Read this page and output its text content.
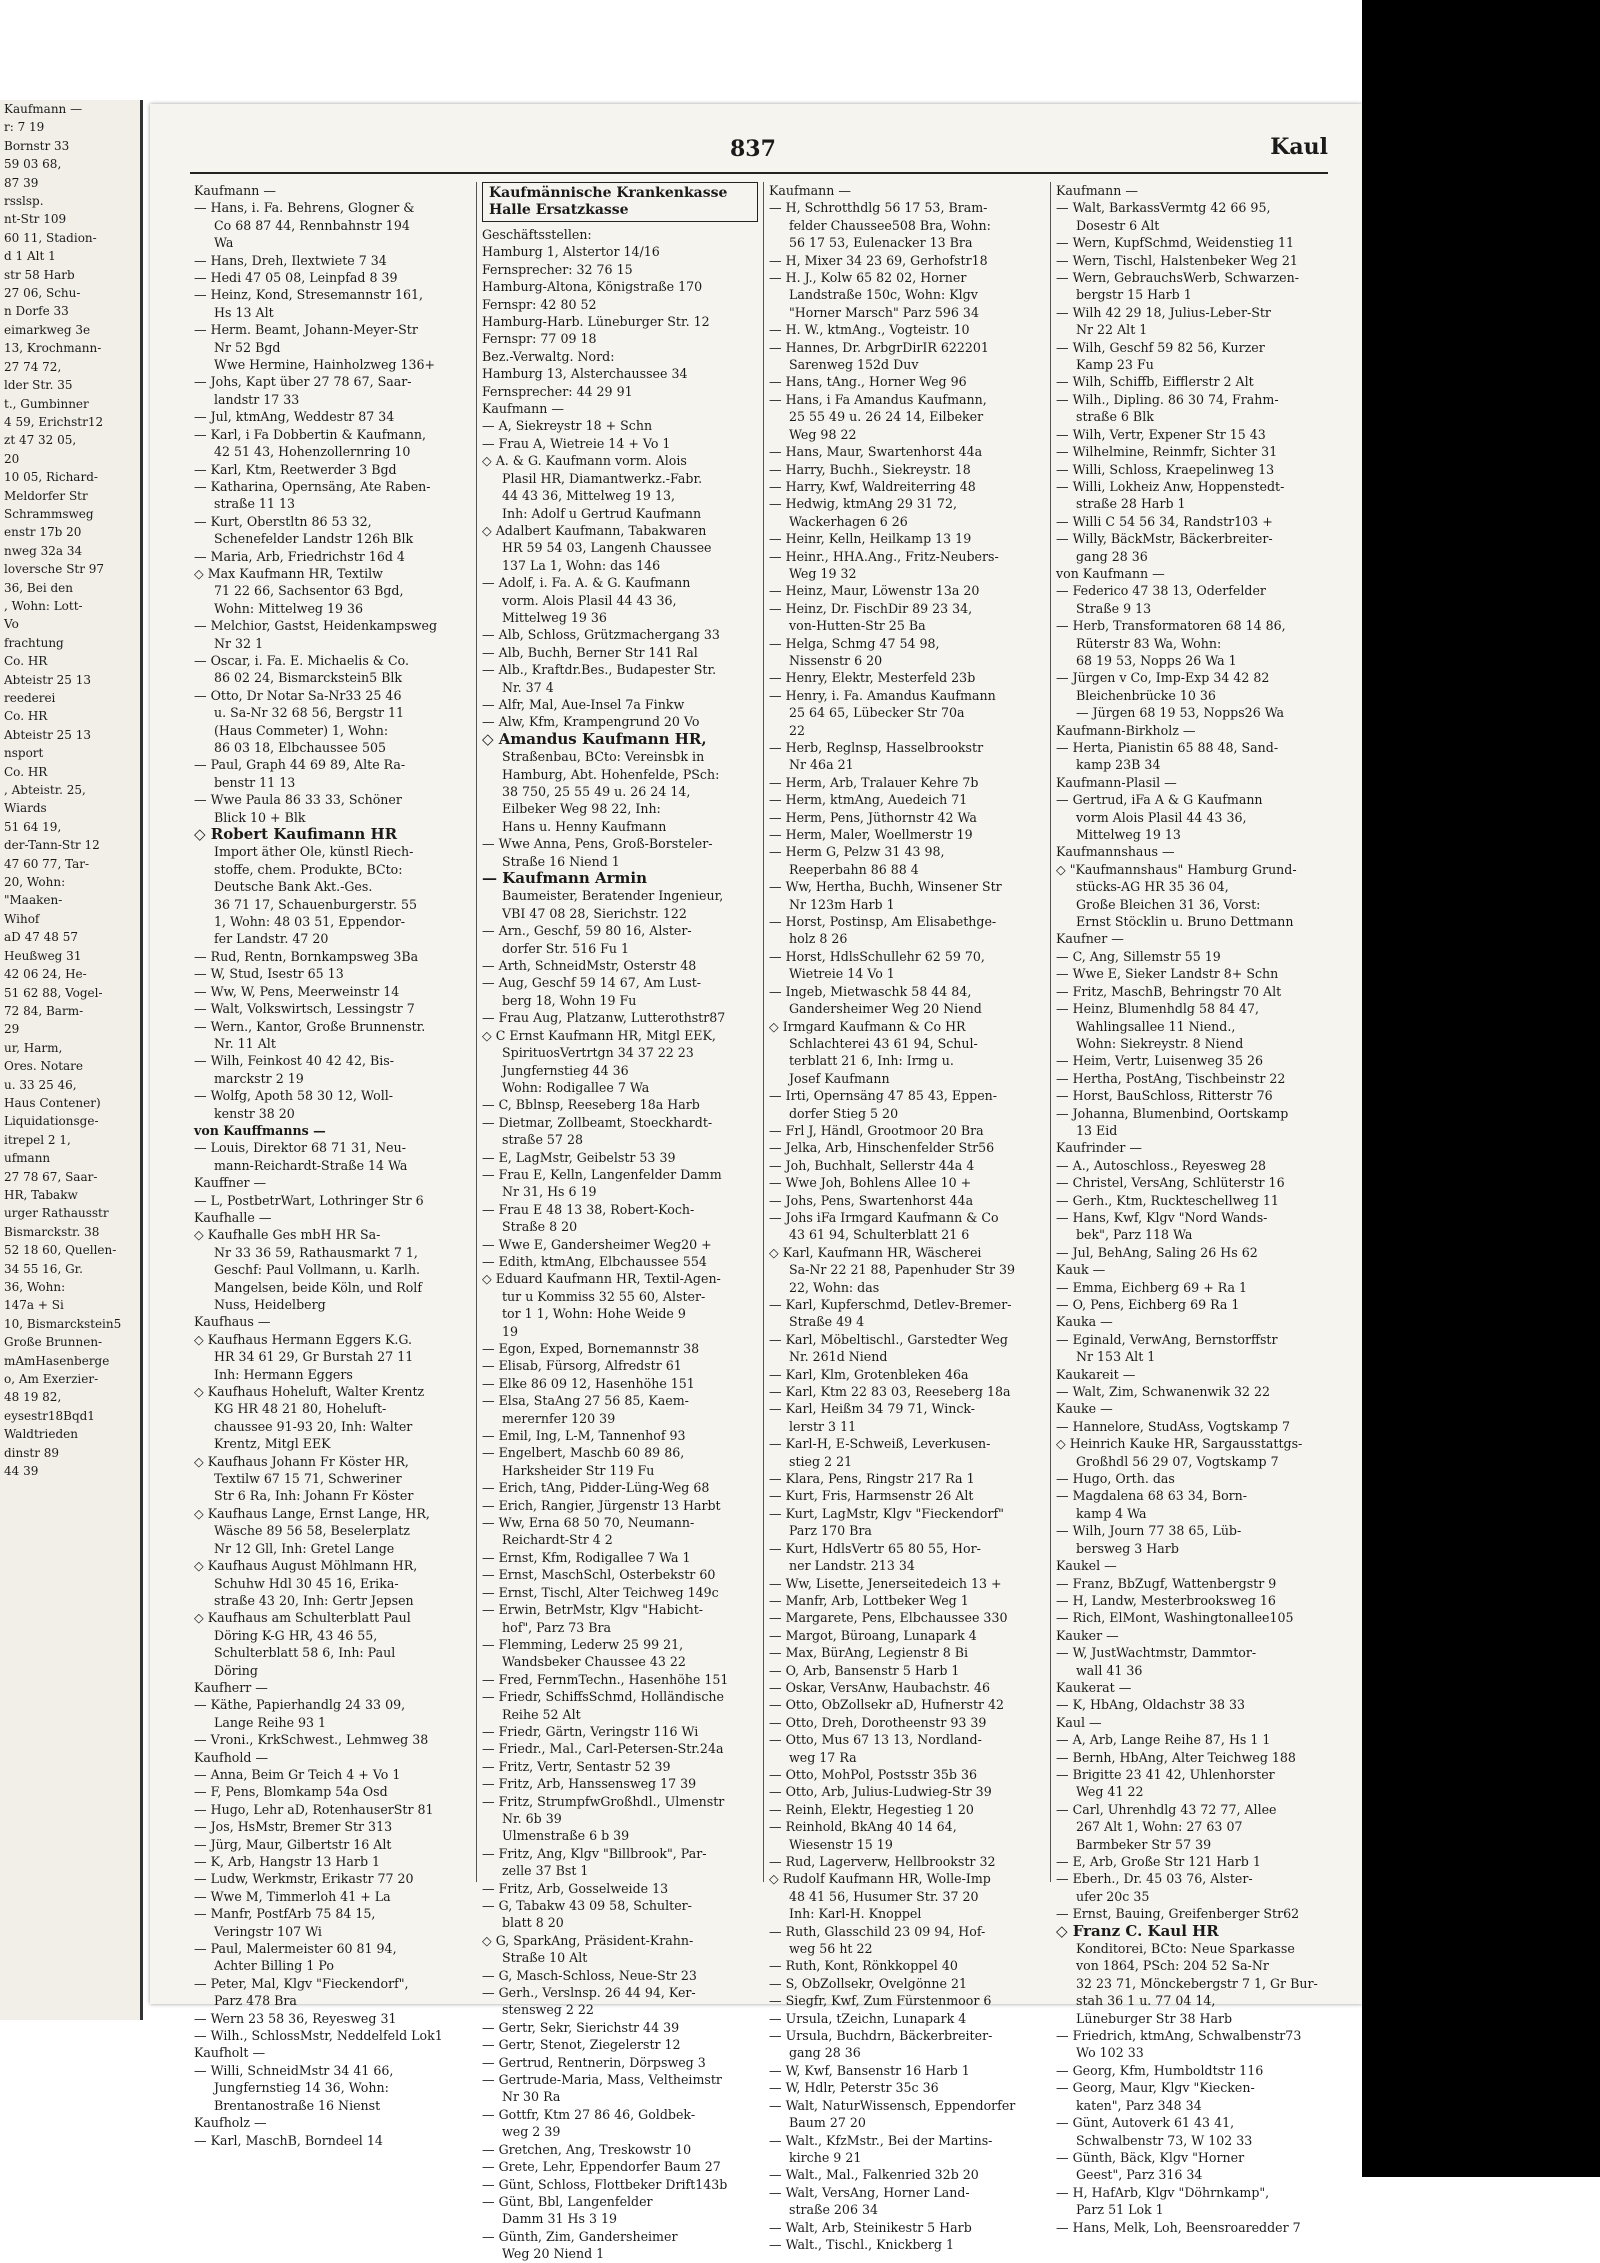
Kaufmann —
r: 7 19
Bornstr 33
59 03 68,
87 39
rsslsp.
nt-Str 109
60 11, Stadion-
d 1 Alt 1
str 58 Harb
27 06, Schu-
n Dorfe 33
eimarkweg 3e
13, Krochmann-
27 74 72,
lder Str. 35
t., Gumbinner
4 59, Erichstr12
zt 47 32 05,
20
10 05, Richard-
Meldorfer Str
Schrammsweg
enstr 17b 20
nweg 32a 34
loversche Str 97
36, Bei den
, Wohn: Lott-
Vo
frachtung
Co. HR
Abteistr 25 13
reederei
Co. HR
Abteistr 25 13
nsport
Co. HR
, Abteistr. 25,
Wiards
51 64 19,
der-Tann-Str 12
47 60 77, Tar-
20, Wohn:
"Maaken-
Wihof
aD 47 48 57
Heußweg 31
42 06 24, He-
51 62 88, Vogel-
72 84, Barm-
29
ur, Harm,
Ores. Notare
u. 33 25 46,
Haus Contener)
Liquidationsge-
itrepel 2 1,
ufmann
27 78 67, Saar-
HR, Tabakw
urger Rathausstr
Bismarckstr. 38
52 18 60, Quellen-
34 55 16, Gr.
36, Wohn:
147a + Si
10, Bismarckstein5
Große Brunnen-
mAmHasenberge
o, Am Exerzier-
48 19 82,
eysestr18Bqd1
Waldtrieden
dinstr 89
44 39
837	Kaul
Kaufmann —
— Hans, i. Fa. Behrens, Glogner &
Co 68 87 44, Rennbahnstr 194
Wa
— Hans, Dreh, Ilextwiete 7 34
— Hedi 47 05 08, Leinpfad 8 39
— Heinz, Kond, Stresemannstr 161,
Hs 13 Alt
— Herm. Beamt, Johann-Meyer-Str
Nr 52 Bgd
Wwe Hermine, Hainholzweg 136+
— Johs, Kapt über 27 78 67, Saar-
landstr 17 33
— Jul, ktmAng, Weddestr 87 34
— Karl, i Fa Dobbertin & Kaufmann,
42 51 43, Hohenzollernring 10
— Karl, Ktm, Reetwerder 3 Bgd
— Katharina, Opernsäng, Ate Raben-
straße 11 13
— Kurt, Oberstltn 86 53 32,
Schenefelder Landstr 126h Blk
— Maria, Arb, Friedrichstr 16d 4
◇ Max Kaufmann HR, Textilw
71 22 66, Sachsentor 63 Bgd,
Wohn: Mittelweg 19 36
— Melchior, Gastst, Heidenkampsweg
Nr 32 1
— Oscar, i. Fa. E. Michaelis & Co.
86 02 24, Bismarckstein5 Blk
— Otto, Dr Notar Sa-Nr33 25 46
u. Sa-Nr 32 68 56, Bergstr 11
(Haus Commeter) 1, Wohn:
86 03 18, Elbchaussee 505
— Paul, Graph 44 69 89, Alte Ra-
benstr 11 13
— Wwe Paula 86 33 33, Schöner
Blick 10 + Blk
◇ Robert Kaufimann HR
Import äther Ole, künstl Riech-
stoffe, chem. Produkte, BCto:
Deutsche Bank Akt.-Ges.
36 71 17, Schauenburgerstr. 55
1, Wohn: 48 03 51, Eppendor-
fer Landstr. 47 20
— Rud, Rentn, Bornkampsweg 3Ba
— W, Stud, Isestr 65 13
— Ww, W, Pens, Meerweinstr 14
— Walt, Volkswirtsch, Lessingstr 7
— Wern., Kantor, Große Brunnenstr.
Nr. 11 Alt
— Wilh, Feinkost 40 42 42, Bis-
marckstr 2 19
— Wolfg, Apoth 58 30 12, Woll-
kenstr 38 20
von Kauffmanns —
— Louis, Direktor 68 71 31, Neu-
mann-Reichardt-Straße 14 Wa
Kauffner —
— L, PostbetrWart, Lothringer Str 6
Kaufhalle —
◇ Kaufhalle Ges mbH HR Sa-
Nr 33 36 59, Rathausmarkt 7 1,
Geschf: Paul Vollmann, u. Karlh.
Mangelsen, beide Köln, und Rolf
Nuss, Heidelberg
Kaufhaus —
◇ Kaufhaus Hermann Eggers K.G.
HR 34 61 29, Gr Burstah 27 11
Inh: Hermann Eggers
◇ Kaufhaus Hoheluft, Walter Krentz
KG HR 48 21 80, Hoheluft-
chaussee 91-93 20, Inh: Walter
Krentz, Mitgl EEK
◇ Kaufhaus Johann Fr Köster HR,
Textilw 67 15 71, Schweriner
Str 6 Ra, Inh: Johann Fr Köster
◇ Kaufhaus Lange, Ernst Lange, HR,
Wäsche 89 56 58, Beselerplatz
Nr 12 Gll, Inh: Gretel Lange
◇ Kaufhaus August Möhlmann HR,
Schuhw Hdl 30 45 16, Erika-
straße 43 20, Inh: Gertr Jepsen
◇ Kaufhaus am Schulterblatt Paul
Döring K-G HR, 43 46 55,
Schulterblatt 58 6, Inh: Paul
Döring
Kaufherr —
— Käthe, Papierhandlg 24 33 09,
Lange Reihe 93 1
— Vroni., KrkSchwest., Lehmweg 38
Kaufhold —
— Anna, Beim Gr Teich 4 + Vo 1
— F, Pens, Blomkamp 54a Osd
— Hugo, Lehr aD, RotenhauserStr 81
— Jos, HsMstr, Bremer Str 313
— Jürg, Maur, Gilbertstr 16 Alt
— K, Arb, Hangstr 13 Harb 1
— Ludw, Werkmstr, Erikastr 77 20
— Wwe M, Timmerloh 41 + La
— Manfr, PostfArb 75 84 15,
Veringstr 107 Wi
— Paul, Malermeister 60 81 94,
Achter Billing 1 Po
— Peter, Mal, Klgv "Fieckendorf",
Parz 478 Bra
— Wern 23 58 36, Reyesweg 31
— Wilh., SchlossMstr, Neddelfeld Lok1
Kaufholt —
— Willi, SchneidMstr 34 41 66,
Jungfernstieg 14 36, Wohn:
Brentanostraße 16 Nienst
Kaufholz —
— Karl, MaschB, Borndeel 14
Kaufmännische Krankenkasse
Halle Ersatzkasse
Geschäftsstellen:
Hamburg 1, Alstertor 14/16
Fernsprecher: 32 76 15
Hamburg-Altona, Königstraße 170
Fernspr: 42 80 52
Hamburg-Harb. Lüneburger Str. 12
Fernspr: 77 09 18
Bez.-Verwaltg. Nord:
Hamburg 13, Alsterchaussee 34
Fernsprecher: 44 29 91
Kaufmann —
— A, Siekreystr 18 + Schn
— Frau A, Wietreie 14 + Vo 1
◇ A. & G. Kaufmann vorm. Alois
Plasil HR, Diamantwerkz.-Fabr.
44 43 36, Mittelweg 19 13,
Inh: Adolf u Gertrud Kaufmann
◇ Adalbert Kaufmann, Tabakwaren
HR 59 54 03, Langenh Chaussee
137 La 1, Wohn: das 146
— Adolf, i. Fa. A. & G. Kaufmann
vorm. Alois Plasil 44 43 36,
Mittelweg 19 36
— Alb, Schloss, Grützmachergang 33
— Alb, Buchh, Berner Str 141 Ral
— Alb., Kraftdr.Bes., Budapester Str.
Nr. 37 4
— Alfr, Mal, Aue-Insel 7a Finkw
— Alw, Kfm, Krampengrund 20 Vo
◇ Amandus Kaufmann HR,
Straßenbau, BCto: Vereinsbk in
Hamburg, Abt. Hohenfelde, PSch:
38 750, 25 55 49 u. 26 24 14,
Eilbeker Weg 98 22, Inh:
Hans u. Henny Kaufmann
— Wwe Anna, Pens, Groß-Borsteler-
Straße 16 Niend 1
— Kaufmann Armin
Baumeister, Beratender Ingenieur,
VBI 47 08 28, Sierichstr. 122
— Arn., Geschf, 59 80 16, Alster-
dorfer Str. 516 Fu 1
— Arth, SchneidMstr, Osterstr 48
— Aug, Geschf 59 14 67, Am Lust-
berg 18, Wohn 19 Fu
— Frau Aug, Platzanw, Lutterothstr87
◇ C Ernst Kaufmann HR, Mitgl EEK,
SpirituosVertrtgn 34 37 22 23
Jungfernstieg 44 36
Wohn: Rodigallee 7 Wa
— C, Bblnsp, Reeseberg 18a Harb
— Dietmar, Zollbeamt, Stoeckhardt-
straße 57 28
— E, LagMstr, Geibelstr 53 39
— Frau E, Kelln, Langenfelder Damm
Nr 31, Hs 6 19
— Frau E 48 13 38, Robert-Koch-
Straße 8 20
— Wwe E, Gandersheimer Weg20 +
— Edith, ktmAng, Elbchaussee 554
◇ Eduard Kaufmann HR, Textil-Agen-
tur u Kommiss 32 55 60, Alster-
tor 1 1, Wohn: Hohe Weide 9
19
— Egon, Exped, Bornemannstr 38
— Elisab, Fürsorg, Alfredstr 61
— Elke 86 09 12, Hasenhöhe 151
— Elsa, StaAng 27 56 85, Kaem-
merernfer 120 39
— Emil, Ing, L-M, Tannenhof 93
— Engelbert, Maschb 60 89 86,
Harksheider Str 119 Fu
— Erich, tAng, Pidder-Lüng-Weg 68
— Erich, Rangier, Jürgenstr 13 Harbt
— Ww, Erna 68 50 70, Neumann-
Reichardt-Str 4 2
— Ernst, Kfm, Rodigallee 7 Wa 1
— Ernst, MaschSchl, Osterbekstr 60
— Ernst, Tischl, Alter Teichweg 149c
— Erwin, BetrMstr, Klgv "Habicht-
hof", Parz 73 Bra
— Flemming, Lederw 25 99 21,
Wandsbeker Chaussee 43 22
— Fred, FernmTechn., Hasenhöhe 151
— Friedr, SchiffsSchmd, Holländische
Reihe 52 Alt
— Friedr, Gärtn, Veringstr 116 Wi
— Friedr., Mal., Carl-Petersen-Str.24a
— Fritz, Vertr, Sentastr 52 39
— Fritz, Arb, Hanssensweg 17 39
— Fritz, StrumpfwGroßhdl., Ulmenstr
Nr. 6b 39
Ulmenstraße 6 b 39
— Fritz, Ang, Klgv "Billbrook", Par-
zelle 37 Bst 1
— Fritz, Arb, Gosselweide 13
— G, Tabakw 43 09 58, Schulter-
blatt 8 20
◇ G, SparkAng, Präsident-Krahn-
Straße 10 Alt
— G, Masch-Schloss, Neue-Str 23
— Gerh., Verslnsp. 26 44 94, Ker-
stensweg 2 22
— Gertr, Sekr, Sierichstr 44 39
— Gertr, Stenot, Ziegelerstr 12
— Gertrud, Rentnerin, Dörpsweg 3
— Gertrude-Maria, Mass, Veltheimstr
Nr 30 Ra
— Gottfr, Ktm 27 86 46, Goldbek-
weg 2 39
— Gretchen, Ang, Treskowstr 10
— Grete, Lehr, Eppendorfer Baum 27
— Günt, Schloss, Flottbeker Drift143b
— Günt, Bbl, Langenfelder
Damm 31 Hs 3 19
— Günth, Zim, Gandersheimer
Weg 20 Niend 1
Kaufmann —
— H, Schrotthdlg 56 17 53, Bram-
felder Chaussee508 Bra, Wohn:
56 17 53, Eulenacker 13 Bra
— H, Mixer 34 23 69, Gerhofstr18
— H. J., Kolw 65 82 02, Horner
Landstraße 150c, Wohn: Klgv
"Horner Marsch" Parz 596 34
— H. W., ktmAng., Vogteistr. 10
— Hannes, Dr. ArbgrDirIR 622201
Sarenweg 152d Duv
— Hans, tAng., Horner Weg 96
— Hans, i Fa Amandus Kaufmann,
25 55 49 u. 26 24 14, Eilbeker
Weg 98 22
— Hans, Maur, Swartenhorst 44a
— Harry, Buchh., Siekreystr. 18
— Harry, Kwf, Waldreiterring 48
— Hedwig, ktmAng 29 31 72,
Wackerhagen 6 26
— Heinr, Kelln, Heilkamp 13 19
— Heinr., HHA.Ang., Fritz-Neubers-
Weg 19 32
— Heinz, Maur, Löwenstr 13a 20
— Heinz, Dr. FischDir 89 23 34,
von-Hutten-Str 25 Ba
— Helga, Schmg 47 54 98,
Nissenstr 6 20
— Henry, Elektr, Mesterfeld 23b
— Henry, i. Fa. Amandus Kaufmann
25 64 65, Lübecker Str 70a
22
— Herb, Reglnsp, Hasselbrookstr
Nr 46a 21
— Herm, Arb, Tralauer Kehre 7b
— Herm, ktmAng, Auedeich 71
— Herm, Pens, Jüthornstr 42 Wa
— Herm, Maler, Woellmerstr 19
— Herm G, Pelzw 31 43 98,
Reeperbahn 86 88 4
— Ww, Hertha, Buchh, Winsener Str
Nr 123m Harb 1
— Horst, Postinsp, Am Elisabethge-
holz 8 26
— Horst, HdlsSchullehr 62 59 70,
Wietreie 14 Vo 1
— Ingeb, Mietwaschk 58 44 84,
Gandersheimer Weg 20 Niend
◇ Irmgard Kaufmann & Co HR
Schlachterei 43 61 94, Schul-
terblatt 21 6, Inh: Irmg u.
Josef Kaufmann
— Irti, Opernsäng 47 85 43, Eppen-
dorfer Stieg 5 20
— Frl J, Händl, Grootmoor 20 Bra
— Jelka, Arb, Hinschenfelder Str56
— Joh, Buchhalt, Sellerstr 44a 4
— Wwe Joh, Bohlens Allee 10 +
— Johs, Pens, Swartenhorst 44a
— Johs iFa Irmgard Kaufmann & Co
43 61 94, Schulterblatt 21 6
◇ Karl, Kaufmann HR, Wäscherei
Sa-Nr 22 21 88, Papenhuder Str 39
22, Wohn: das
— Karl, Kupferschmd, Detlev-Bremer-
Straße 49 4
— Karl, Möbeltischl., Garstedter Weg
Nr. 261d Niend
— Karl, Klm, Grotenbleken 46a
— Karl, Ktm 22 83 03, Reeseberg 18a
— Karl, Heißm 34 79 71, Winck-
lerstr 3 11
— Karl-H, E-Schweiß, Leverkusen-
stieg 2 21
— Klara, Pens, Ringstr 217 Ra 1
— Kurt, Fris, Harmsenstr 26 Alt
— Kurt, LagMstr, Klgv "Fieckendorf"
Parz 170 Bra
— Kurt, HdlsVertr 65 80 55, Hor-
ner Landstr. 213 34
— Ww, Lisette, Jenerseitedeich 13 +
— Manfr, Arb, Lottbeker Weg 1
— Margarete, Pens, Elbchaussee 330
— Margot, Büroang, Lunapark 4
— Max, BürAng, Legienstr 8 Bi
— O, Arb, Bansenstr 5 Harb 1
— Oskar, VersAnw, Haubachstr. 46
— Otto, ObZollsekr aD, Hufnerstr 42
— Otto, Dreh, Dorotheenstr 93 39
— Otto, Mus 67 13 13, Nordland-
weg 17 Ra
— Otto, MohPol, Postsstr 35b 36
— Otto, Arb, Julius-Ludwieg-Str 39
— Reinh, Elektr, Hegestieg 1 20
— Reinhold, BkAng 40 14 64,
Wiesenstr 15 19
— Rud, Lagerverw, Hellbrookstr 32
◇ Rudolf Kaufmann HR, Wolle-Imp
48 41 56, Husumer Str. 37 20
Inh: Karl-H. Knoppel
— Ruth, Glasschild 23 09 94, Hof-
weg 56 ht 22
— Ruth, Kont, Rönkkoppel 40
— S, ObZollsekr, Ovelgönne 21
— Siegfr, Kwf, Zum Fürstenmoor 6
— Ursula, tZeichn, Lunapark 4
— Ursula, Buchdrn, Bäckerbreiter-
gang 28 36
— W, Kwf, Bansenstr 16 Harb 1
— W, Hdlr, Peterstr 35c 36
— Walt, NaturWissensch, Eppendorfer
Baum 27 20
— Walt., KfzMstr., Bei der Martins-
kirche 9 21
— Walt., Mal., Falkenried 32b 20
— Walt, VersAng, Horner Land-
straße 206 34
— Walt, Arb, Steinikestr 5 Harb
— Walt., Tischl., Knickberg 1
Kaufmann —
— Walt, BarkassVermtg 42 66 95,
Dosestr 6 Alt
— Wern, KupfSchmd, Weidenstieg 11
— Wern, Tischl, Halstenbeker Weg 21
— Wern, GebrauchsWerb, Schwarzen-
bergstr 15 Harb 1
— Wilh 42 29 18, Julius-Leber-Str
Nr 22 Alt 1
— Wilh, Geschf 59 82 56, Kurzer
Kamp 23 Fu
— Wilh, Schiffb, Eifflerstr 2 Alt
— Wilh., Dipling. 86 30 74, Frahm-
straße 6 Blk
— Wilh, Vertr, Expener Str 15 43
— Wilhelmine, Reinmfr, Sichter 31
— Willi, Schloss, Kraepelinweg 13
— Willi, Lokheiz Anw, Hoppenstedt-
straße 28 Harb 1
— Willi C 54 56 34, Randstr103 +
— Willy, BäckMstr, Bäckerbreiter-
gang 28 36
von Kaufmann —
— Federico 47 38 13, Oderfelder
Straße 9 13
— Herb, Transformatoren 68 14 86,
Rüterstr 83 Wa, Wohn:
68 19 53, Nopps 26 Wa 1
— Jürgen v Co, Imp-Exp 34 42 82
Bleichenbrücke 10 36
— Jürgen 68 19 53, Nopps26 Wa
Kaufmann-Birkholz —
— Herta, Pianistin 65 88 48, Sand-
kamp 23B 34
Kaufmann-Plasil —
— Gertrud, iFa A & G Kaufmann
vorm Alois Plasil 44 43 36,
Mittelweg 19 13
Kaufmannshaus —
◇ "Kaufmannshaus" Hamburg Grund-
stücks-AG HR 35 36 04,
Große Bleichen 31 36, Vorst:
Ernst Stöcklin u. Bruno Dettmann
Kaufner —
— C, Ang, Sillemstr 55 19
— Wwe E, Sieker Landstr 8+ Schn
— Fritz, MaschB, Behringstr 70 Alt
— Heinz, Blumenhdlg 58 84 47,
Wahlingsallee 11 Niend.,
Wohn: Siekreystr. 8 Niend
— Heim, Vertr, Luisenweg 35 26
— Hertha, PostAng, Tischbeinstr 22
— Horst, BauSchloss, Ritterstr 76
— Johanna, Blumenbind, Oortskamp
13 Eid
Kaufrinder —
— A., Autoschloss., Reyesweg 28
— Christel, VersAng, Schlüterstr 16
— Gerh., Ktm, Ruckteschellweg 11
— Hans, Kwf, Klgv "Nord Wands-
bek", Parz 118 Wa
— Jul, BehAng, Saling 26 Hs 62
Kauk —
— Emma, Eichberg 69 + Ra 1
— O, Pens, Eichberg 69 Ra 1
Kauka —
— Eginald, VerwAng, Bernstorffstr
Nr 153 Alt 1
Kaukareit —
— Walt, Zim, Schwanenwik 32 22
Kauke —
— Hannelore, StudAss, Vogtskamp 7
◇ Heinrich Kauke HR, Sargausstattgs-
Großhdl 56 29 07, Vogtskamp 7
— Hugo, Orth. das
— Magdalena 68 63 34, Born-
kamp 4 Wa
— Wilh, Journ 77 38 65, Lüb-
bersweg 3 Harb
Kaukel —
— Franz, BbZugf, Wattenbergstr 9
— H, Landw, Mesterbrooksweg 16
— Rich, ElMont, Washingtonallee105
Kauker —
— W, JustWachtmstr, Dammtor-
wall 41 36
Kaukerat —
— K, HbAng, Oldachstr 38 33
Kaul —
— A, Arb, Lange Reihe 87, Hs 1 1
— Bernh, HbAng, Alter Teichweg 188
— Brigitte 23 41 42, Uhlenhorster
Weg 41 22
— Carl, Uhrenhdlg 43 72 77, Allee
267 Alt 1, Wohn: 27 63 07
Barmbeker Str 57 39
— E, Arb, Große Str 121 Harb 1
— Eberh., Dr. 45 03 76, Alster-
ufer 20c 35
— Ernst, Bauing, Greifenberger Str62
◇ Franz C. Kaul HR
Konditorei, BCto: Neue Sparkasse
von 1864, PSch: 204 52 Sa-Nr
32 23 71, Mönckebergstr 7 1, Gr Bur-
stah 36 1 u. 77 04 14,
Lüneburger Str 38 Harb
— Friedrich, ktmAng, Schwalbenstr73
Wo 102 33
— Georg, Kfm, Humboldtstr 116
— Georg, Maur, Klgv "Kiecken-
katen", Parz 348 34
— Günt, Autoverk 61 43 41,
Schwalbenstr 73, W 102 33
— Günth, Bäck, Klgv "Horner
Geest", Parz 316 34
— H, HafArb, Klgv "Döhrnkamp",
Parz 51 Lok 1
— Hans, Melk, Loh, Beensroaredder 7
